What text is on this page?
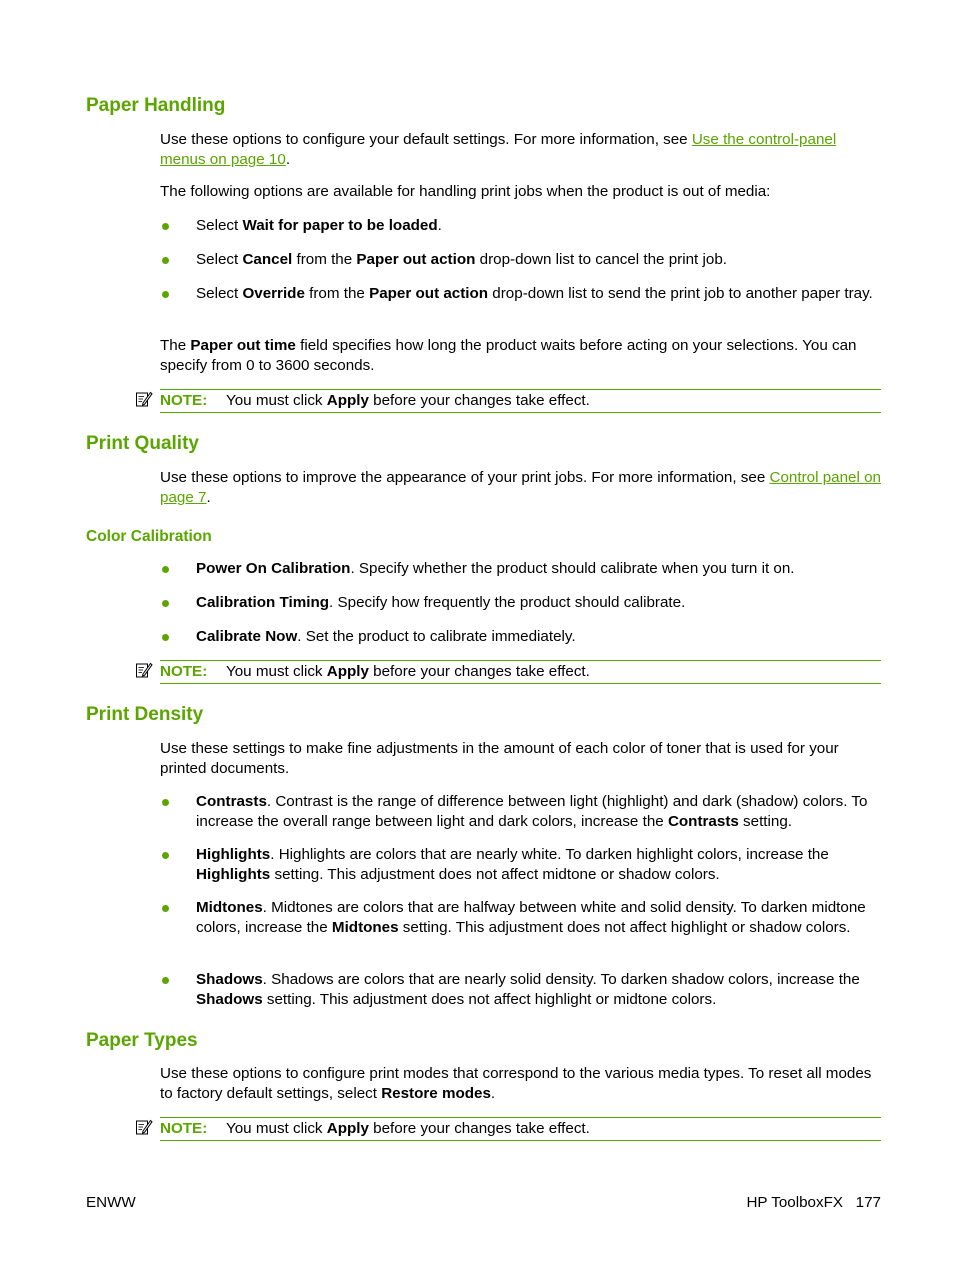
Paper Handling

Use these options to configure your default settings. For more information, see Use the control-panel menus on page 10.

The following options are available for handling print jobs when the product is out of media:

Select Wait for paper to be loaded.
Select Cancel from the Paper out action drop-down list to cancel the print job.
Select Override from the Paper out action drop-down list to send the print job to another paper tray.

The Paper out time field specifies how long the product waits before acting on your selections. You can specify from 0 to 3600 seconds.

NOTE: You must click Apply before your changes take effect.
Print Quality

Use these options to improve the appearance of your print jobs. For more information, see Control panel on page 7.

Color Calibration
Power On Calibration. Specify whether the product should calibrate when you turn it on.
Calibration Timing. Specify how frequently the product should calibrate.
Calibrate Now. Set the product to calibrate immediately.
NOTE: You must click Apply before your changes take effect.
Print Density

Use these settings to make fine adjustments in the amount of each color of toner that is used for your printed documents.

Contrasts. Contrast is the range of difference between light (highlight) and dark (shadow) colors. To increase the overall range between light and dark colors, increase the Contrasts setting.
Highlights. Highlights are colors that are nearly white. To darken highlight colors, increase the Highlights setting. This adjustment does not affect midtone or shadow colors.
Midtones. Midtones are colors that are halfway between white and solid density. To darken midtone colors, increase the Midtones setting. This adjustment does not affect highlight or shadow colors.
Shadows. Shadows are colors that are nearly solid density. To darken shadow colors, increase the Shadows setting. This adjustment does not affect highlight or midtone colors.
Paper Types

Use these options to configure print modes that correspond to the various media types. To reset all modes to factory default settings, select Restore modes.

NOTE: You must click Apply before your changes take effect.
ENWW	HP ToolboxFX 177
